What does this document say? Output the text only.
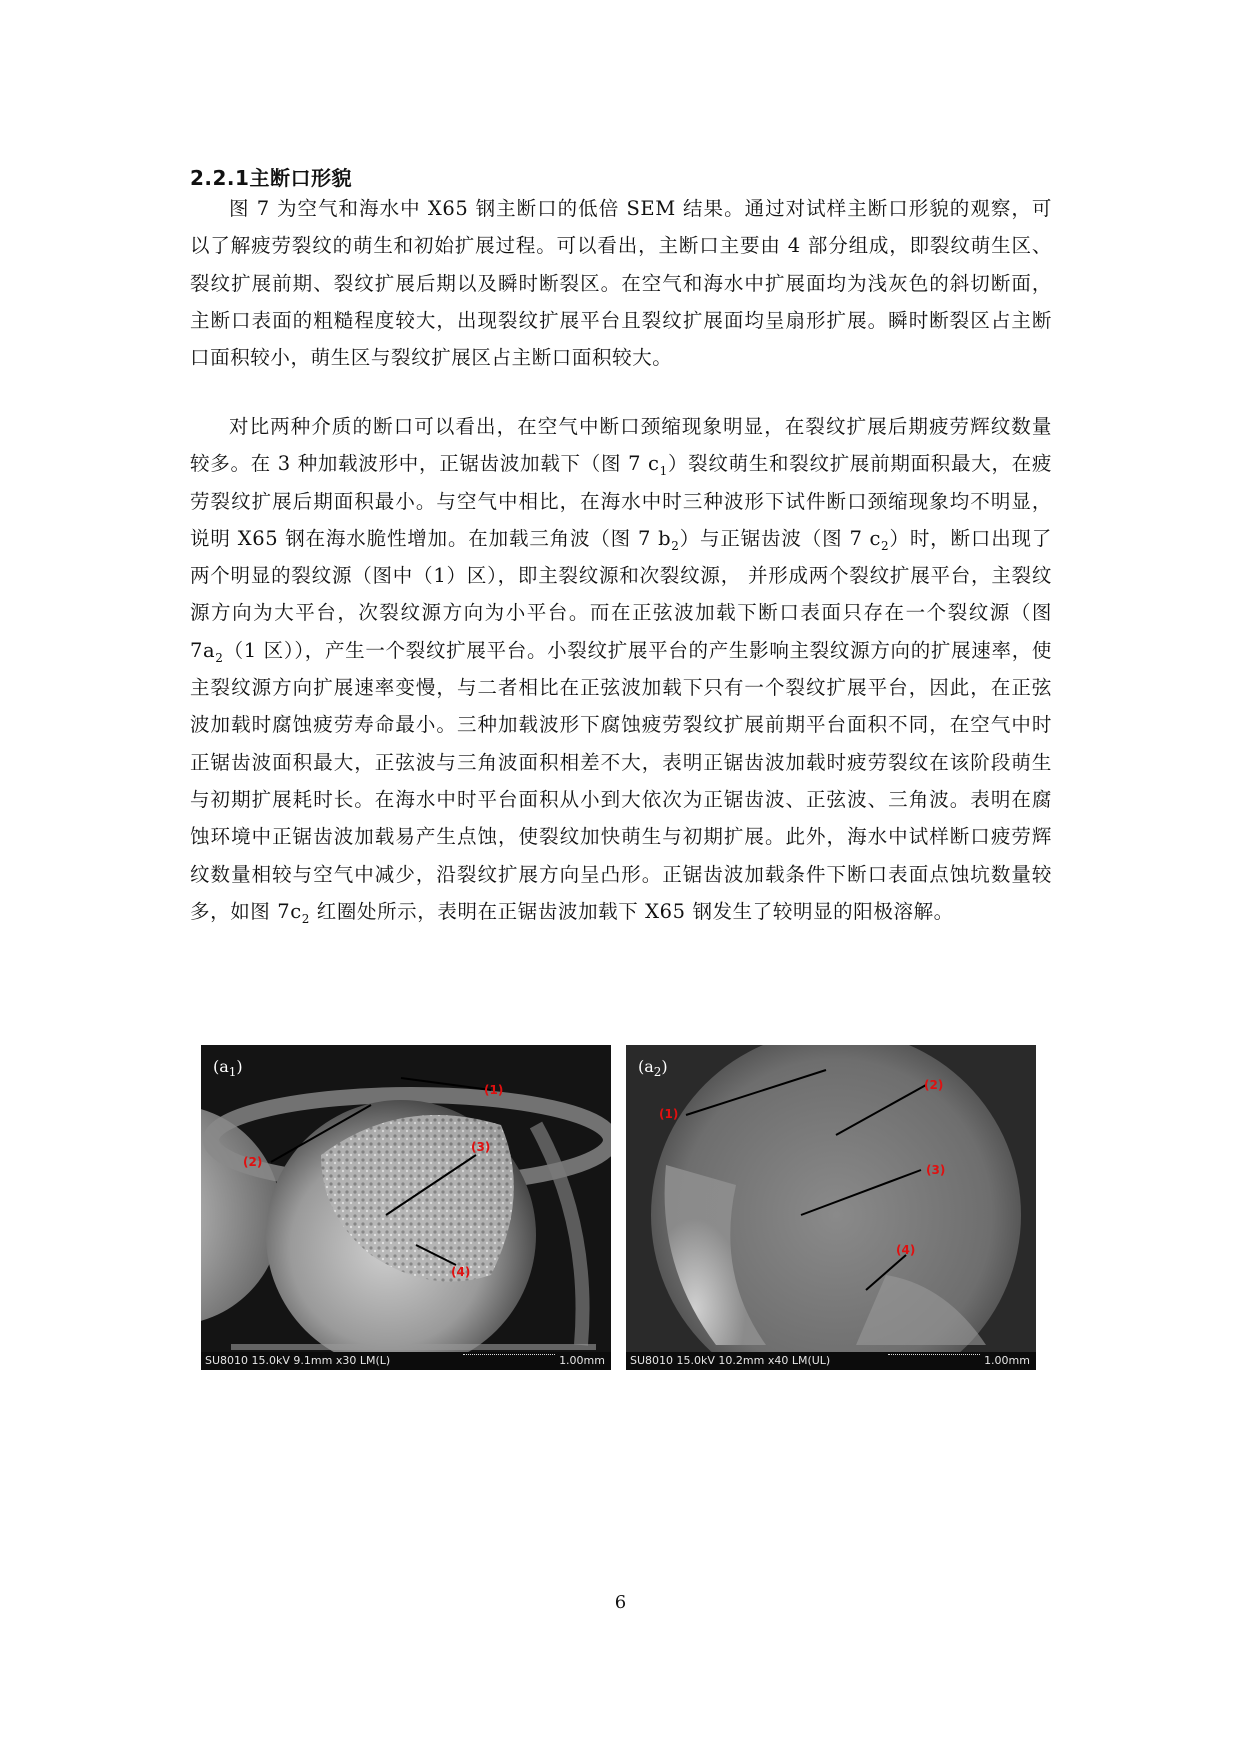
2.2.1主断口形貌

图 7 为空气和海水中 X65 钢主断口的低倍 SEM 结果。通过对试样主断口形貌的观察，可以了解疲劳裂纹的萌生和初始扩展过程。可以看出，主断口主要由 4 部分组成，即裂纹萌生区、裂纹扩展前期、裂纹扩展后期以及瞬时断裂区。在空气和海水中扩展面均为浅灰色的斜切断面，主断口表面的粗糙程度较大，出现裂纹扩展平台且裂纹扩展面均呈扇形扩展。瞬时断裂区占主断口面积较小，萌生区与裂纹扩展区占主断口面积较大。

对比两种介质的断口可以看出，在空气中断口颈缩现象明显，在裂纹扩展后期疲劳辉纹数量较多。在 3 种加载波形中，正锯齿波加载下（图 7 $c_1$）裂纹萌生和裂纹扩展前期面积最大，在疲劳裂纹扩展后期面积最小。与空气中相比，在海水中时三种波形下试件断口颈缩现象均不明显，说明 X65 钢在海水脆性增加。在加载三角波（图 7 $b_2$）与正锯齿波（图 7 $c_2$）时，断口出现了两个明显的裂纹源（图中（1）区），即主裂纹源和次裂纹源， 并形成两个裂纹扩展平台，主裂纹源方向为大平台，次裂纹源方向为小平台。而在正弦波加载下断口表面只存在一个裂纹源（图 $7a_2(1$ 区）），产生一个裂纹扩展平台。小裂纹扩展平台的产生影响主裂纹源方向的扩展速率，使主裂纹源方向扩展速率变慢，与二者相比在正弦波加载下只有一个裂纹扩展平台，因此，在正弦波加载时腐蚀疲劳寿命最小。三种加载波形下腐蚀疲劳裂纹扩展前期平台面积不同，在空气中时正锯齿波面积最大，正弦波与三角波面积相差不大，表明正锯齿波加载时疲劳裂纹在该阶段萌生与初期扩展耗时长。在海水中时平台面积从小到大依次为正锯齿波、正弦波、三角波。表明在腐蚀环境中正锯齿波加载易产生点蚀，使裂纹加快萌生与初期扩展。此外，海水中试样断口疲劳辉纹数量相较与空气中减少，沿裂纹扩展方向呈凸形。正锯齿波加载条件下断口表面点蚀坑数量较多，如图 $7c_2$ 红圈处所示，表明在正锯齿波加载下 X65 钢发生了较明显的阳极溶解。

$(a_1)$
(1)
(2)
(3)
(4)
SU8010 15.0kV 9.1mm x30 LM(L)	1.00mm
$(a_2)$
(1)
(2)
(3)
(4)
SU8010 15.0kV 10.2mm x40 LM(UL)	1.00mm
6
